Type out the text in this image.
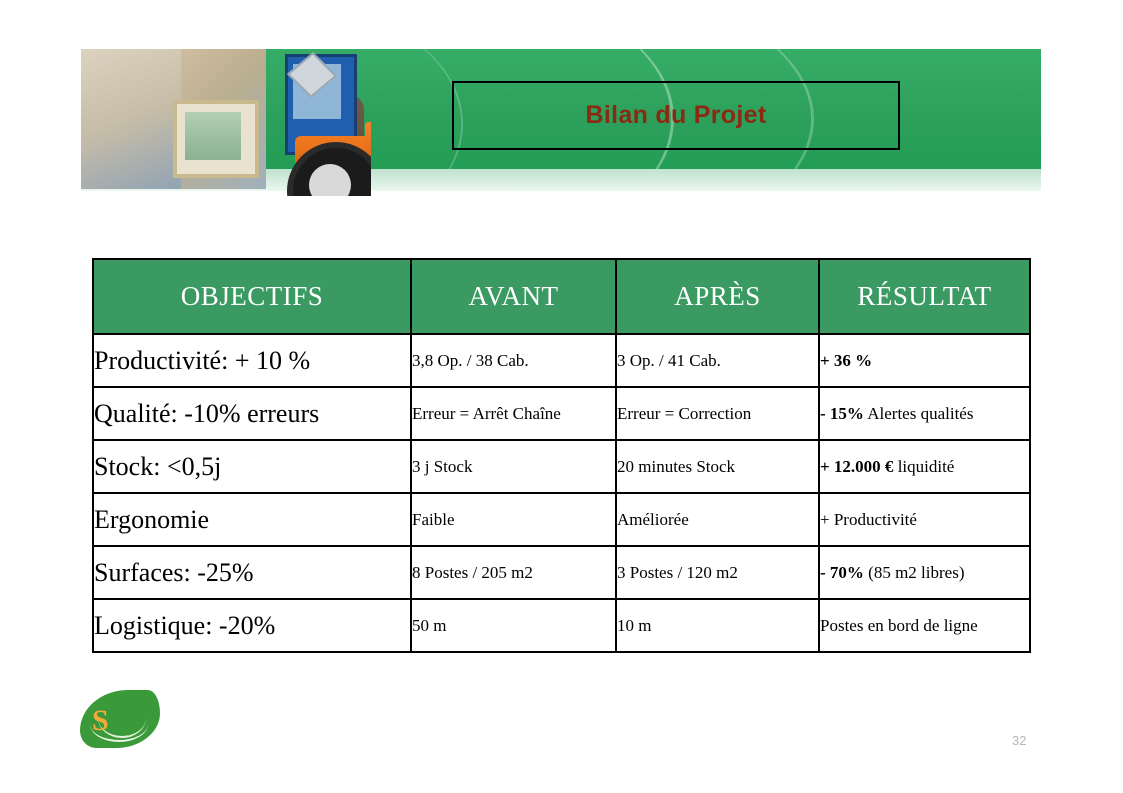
Bilan du Projet
OBJECTIFS	AVANT	APRÈS	RÉSULTAT
Productivité: + 10 %	3,8 Op. / 38 Cab.	3 Op. / 41 Cab.	+ 36 %
Qualité: -10% erreurs	Erreur = Arrêt Chaîne	Erreur = Correction	- 15% Alertes qualités
Stock: <0,5j	3 j Stock	20 minutes Stock	+ 12.000 € liquidité
Ergonomie	Faible	Améliorée	+ Productivité
Surfaces: -25%	8 Postes / 205 m2	3 Postes / 120 m2	- 70% (85 m2 libres)
Logistique: -20%	50 m	10 m	Postes en bord de ligne
S
32
